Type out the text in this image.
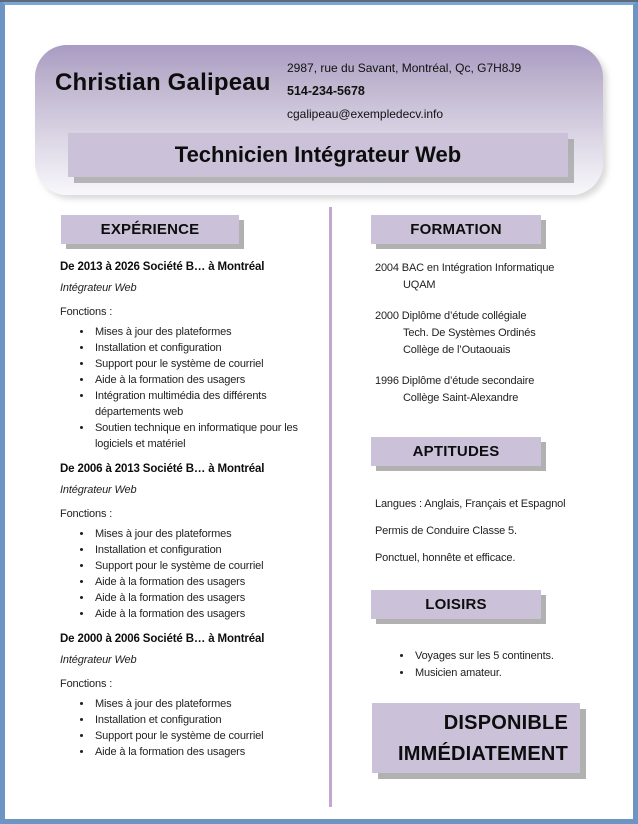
Christian Galipeau
2987, rue du Savant, Montréal, Qc, G7H8J9
514-234-5678
cgalipeau@exempledecv.info
Technicien Intégrateur Web
EXPÉRIENCE	FORMATION
APTITUDES
LOISIRS
De 2013 à 2026 Société B… à Montréal
Intégrateur Web
Fonctions :
• Mises à jour des plateformes
• Installation et configuration
• Support pour le système de courriel
• Aide à la formation des usagers
• Intégration multimédia des différents départements web
• Soutien technique en informatique pour les logiciels et matériel
De 2006 à 2013 Société B… à Montréal
Intégrateur Web
Fonctions :
• Mises à jour des plateformes
• Installation et configuration
• Support pour le système de courriel
• Aide à la formation des usagers
• Aide à la formation des usagers
• Aide à la formation des usagers
De 2000 à 2006 Société B… à Montréal
Intégrateur Web
Fonctions :
• Mises à jour des plateformes
• Installation et configuration
• Support pour le système de courriel
• Aide à la formation des usagers
2004 BAC en Intégration Informatique
UQAM
2000 Diplôme d’étude collégiale
Tech. De Systèmes Ordinés
Collège de l’Outaouais
1996 Diplôme d’étude secondaire
Collège Saint-Alexandre

Langues : Anglais, Français et Espagnol

Permis de Conduire Classe 5.

Ponctuel, honnête et efficace.

• Voyages sur les 5 continents.
• Musicien amateur.
DISPONIBLE
IMMÉDIATEMENT
